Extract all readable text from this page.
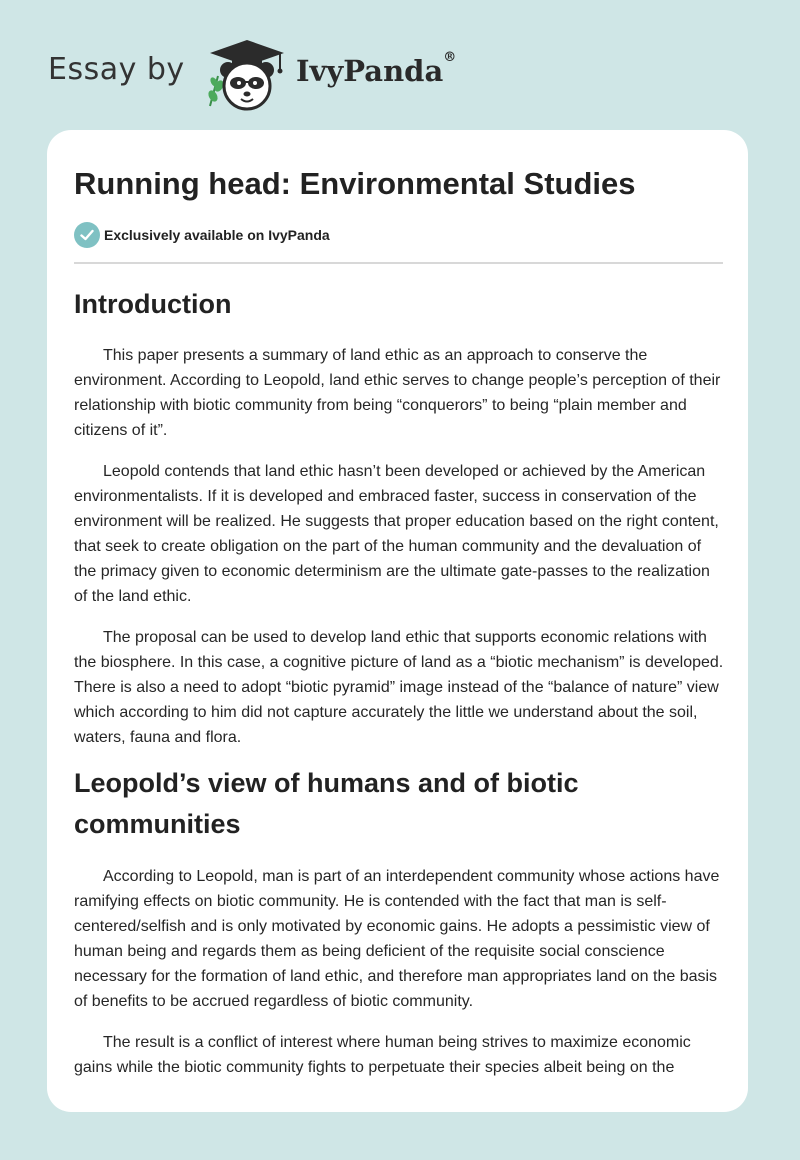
Essay by	IvyPanda®
Running head: Environmental Studies
Exclusively available on IvyPanda
Introduction

This paper presents a summary of land ethic as an approach to conserve the environment. According to Leopold, land ethic serves to change people’s perception of their relationship with biotic community from being “conquerors” to being “plain member and citizens of it”.

Leopold contends that land ethic hasn’t been developed or achieved by the American environmentalists. If it is developed and embraced faster, success in conservation of the environment will be realized. He suggests that proper education based on the right content, that seek to create obligation on the part of the human community and the devaluation of the primacy given to economic determinism are the ultimate gate-passes to the realization of the land ethic.

The proposal can be used to develop land ethic that supports economic relations with the biosphere. In this case, a cognitive picture of land as a “biotic mechanism” is developed. There is also a need to adopt “biotic pyramid” image instead of the “balance of nature” view which according to him did not capture accurately the little we understand about the soil, waters, fauna and flora.

Leopold’s view of humans and of biotic communities

According to Leopold, man is part of an interdependent community whose actions have ramifying effects on biotic community. He is contended with the fact that man is self-centered/selfish and is only motivated by economic gains. He adopts a pessimistic view of human being and regards them as being deficient of the requisite social conscience necessary for the formation of land ethic, and therefore man appropriates land on the basis of benefits to be accrued regardless of biotic community.

The result is a conflict of interest where human being strives to maximize economic gains while the biotic community fights to perpetuate their species albeit being on the
